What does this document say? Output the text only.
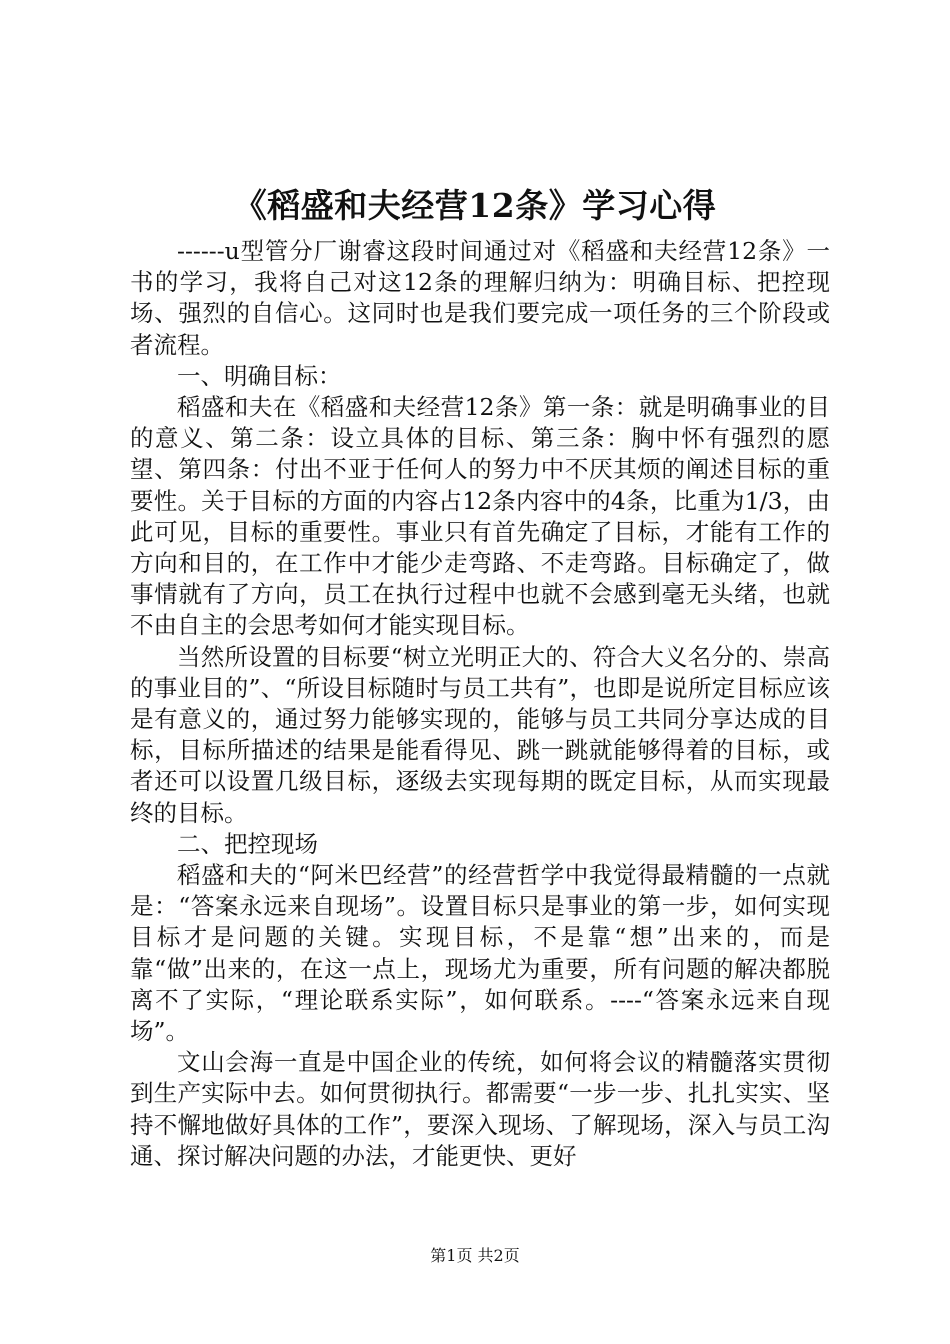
《稻盛和夫经营12条》学习心得

------u型管分厂谢睿这段时间通过对《稻盛和夫经营12条》一书的学习，我将自己对这12条的理解归纳为：明确目标、把控现场、强烈的自信心。这同时也是我们要完成一项任务的三个阶段或者流程。

一、明确目标：

稻盛和夫在《稻盛和夫经营12条》第一条：就是明确事业的目的意义、第二条：设立具体的目标、第三条：胸中怀有强烈的愿望、第四条：付出不亚于任何人的努力中不厌其烦的阐述目标的重要性。关于目标的方面的内容占12条内容中的4条，比重为1/3，由此可见，目标的重要性。事业只有首先确定了目标，才能有工作的方向和目的，在工作中才能少走弯路、不走弯路。目标确定了，做事情就有了方向，员工在执行过程中也就不会感到毫无头绪，也就不由自主的会思考如何才能实现目标。

当然所设置的目标要“树立光明正大的、符合大义名分的、崇高的事业目的”、“所设目标随时与员工共有”，也即是说所定目标应该是有意义的，通过努力能够实现的，能够与员工共同分享达成的目标，目标所描述的结果是能看得见、跳一跳就能够得着的目标，或者还可以设置几级目标，逐级去实现每期的既定目标，从而实现最终的目标。

二、把控现场

稻盛和夫的“阿米巴经营”的经营哲学中我觉得最精髓的一点就是：“答案永远来自现场”。设置目标只是事业的第一步，如何实现目标才是问题的关键。实现目标，不是靠“想”出来的，而是靠“做”出来的，在这一点上，现场尤为重要，所有问题的解决都脱离不了实际，“理论联系实际”，如何联系。----“答案永远来自现场”。

文山会海一直是中国企业的传统，如何将会议的精髓落实贯彻到生产实际中去。如何贯彻执行。都需要“一步一步、扎扎实实、坚持不懈地做好具体的工作”，要深入现场、了解现场，深入与员工沟通、探讨解决问题的办法，才能更快、更好

第1页 共2页
